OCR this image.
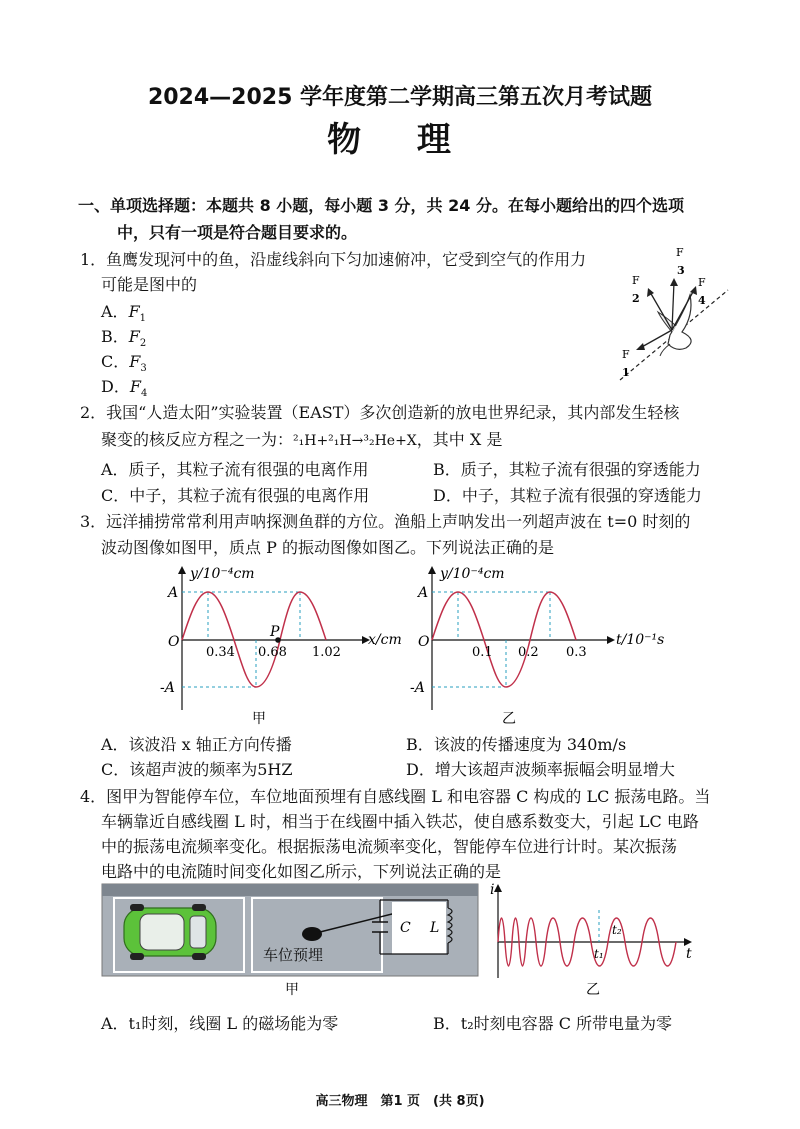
2024—2025 学年度第二学期高三第五次月考试题
物 理
一、单项选择题：本题共 8 小题，每小题 3 分，共 24 分。在每小题给出的四个选项
中，只有一项是符合题目要求的。
1．鱼鹰发现河中的鱼，沿虚线斜向下匀加速俯冲，它受到空气的作用力
可能是图中的
A．$F_1$
B．$F_2$
C．$F_3$
D．$F_4$
F
3
F
2
F
4
F
1
2．我国“人造太阳”实验装置（EAST）多次创造新的放电世界纪录，其内部发生轻核
聚变的核反应方程之一为：²₁H+²₁H→³₂He+X，其中 X 是
A．质子，其粒子流有很强的电离作用	B．质子，其粒子流有很强的穿透能力
C．中子，其粒子流有很强的电离作用	D．中子，其粒子流有很强的穿透能力
3．远洋捕捞常常利用声呐探测鱼群的方位。渔船上声呐发出一列超声波在 t=0 时刻的
波动图像如图甲，质点 P 的振动图像如图乙。下列说法正确的是
y/10⁻⁴cm
x/cm
A
-A
O
P
0.34 0.68 1.02
甲
y/10⁻⁴cm
t/10⁻¹s
A
-A
O
0.1 0.2 0.3
乙
A．该波沿 x 轴正方向传播	B．该波的传播速度为 340m/s
C．该超声波的频率为5HZ	D．增大该超声波频率振幅会明显增大
4．图甲为智能停车位，车位地面预埋有自感线圈 L 和电容器 C 构成的 LC 振荡电路。当
车辆靠近自感线圈 L 时，相当于在线圈中插入铁芯，使自感系数变大，引起 LC 电路
中的振荡电流频率变化。根据振荡电流频率变化，智能停车位进行计时。某次振荡
电路中的电流随时间变化如图乙所示，下列说法正确的是
车位预埋
C L
甲
i
t
t₁
t₂
乙
A．t₁时刻，线圈 L 的磁场能为零	B．t₂时刻电容器 C 所带电量为零
高三物理　第1 页　(共 8页)
